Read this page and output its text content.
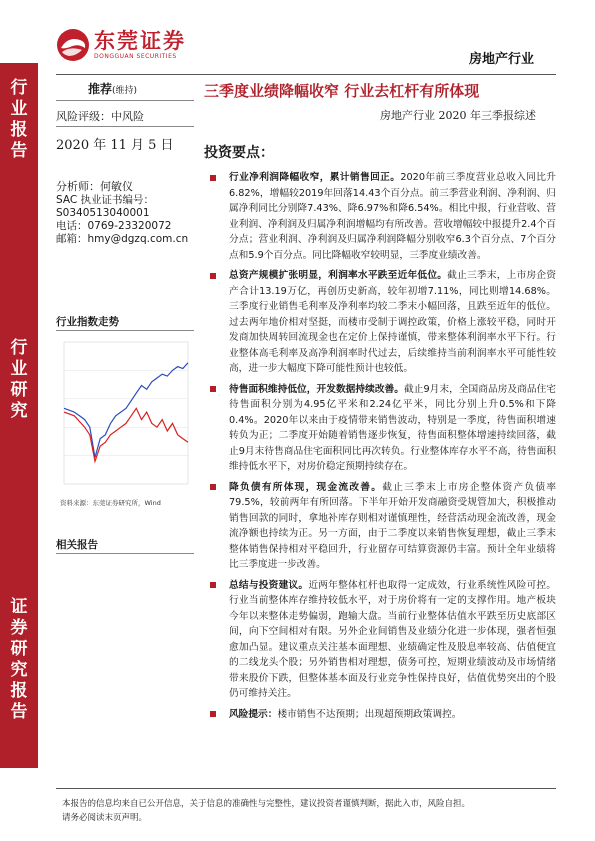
行
业
报
告
行
业
研
究
证
券
研
究
报
告
东莞证券
DONGGUAN SECURITIES	房地产行业
推荐(维持)
风险评级：中风险
2020 年 11 月 5 日
分析师：何敏仪
SAC 执业证书编号：
S0340513040001
电话：0769-23320072
邮箱：hmy@dgzq.com.cn
行业指数走势
资料来源：东莞证券研究所，Wind
相关报告
三季度业绩降幅收窄 行业去杠杆有所体现
房地产行业 2020 年三季报综述
投资要点：
行业净利润降幅收窄，累计销售回正。2020年前三季度营业总收入同比升6.82%，增幅较2019年回落14.43个百分点。前三季营业利润、净利润、归属净利同比分别降7.43%、降6.97%和降6.54%。相比中报，行业营收、营业利润、净利润及归属净利润增幅均有所改善。营收增幅较中报提升2.4个百分点；营业利润、净利润及归属净利润降幅分别收窄6.3个百分点、7个百分点和5.9个百分点。同比降幅收窄较明显，三季度业绩改善。
总资产规模扩张明显，利润率水平跌至近年低位。截止三季末，上市房企资产合计13.19万亿，再创历史新高，较年初增7.11%，同比则增14.68%。三季度行业销售毛利率及净利率均较二季末小幅回落，且跌至近年的低位。过去两年地价相对坚挺，而楼市受制于调控政策，价格上涨较平稳，同时开发商加快周转回流现金也在定价上保持谨慎，带来整体利润率水平下行。行业整体高毛利率及高净利润率时代过去，后续维持当前利润率水平可能性较高，进一步大幅度下降可能性预计也较低。
待售面积维持低位，开发数据持续改善。截止9月末，全国商品房及商品住宅待售面积分别为4.95亿平米和2.24亿平米，同比分别上升0.5%和下降0.4%。2020年以来由于疫情带来销售波动，特别是一季度，待售面积增速转负为正；二季度开始随着销售逐步恢复，待售面积整体增速持续回落，截止9月末待售商品住宅面积同比再次转负。行业整体库存水平不高，待售面积维持低水平下，对房价稳定预期持续存在。
降负债有所体现，现金流改善。截止三季末上市房企整体资产负债率79.5%，较前两年有所回落。下半年开始开发商融资受规管加大，积极推动销售回款的同时，拿地补库存则相对谨慎理性，经营活动现金流改善，现金流净额也持续为正。另一方面，由于二季度以来销售恢复理想，截止三季末整体销售保持相对平稳回升，行业留存可结算资源仍丰富。预计全年业绩将比三季度进一步改善。
总结与投资建议。近两年整体杠杆也取得一定成效，行业系统性风险可控。行业当前整体库存维持较低水平，对于房价将有一定的支撑作用。地产板块今年以来整体走势偏弱，跑输大盘。当前行业整体估值水平跌至历史底部区间，向下空间相对有限。另外企业间销售及业绩分化进一步体现，强者恒强愈加凸显。建议重点关注基本面理想、业绩确定性及股息率较高、估值便宜的二线龙头个股；另外销售相对理想，债务可控，短期业绩波动及市场情绪带来股价下跌，但整体基本面及行业竞争性保持良好，估值优势突出的个股仍可维持关注。
风险提示：楼市销售不达预期；出现超预期政策调控。
本报告的信息均来自已公开信息，关于信息的准确性与完整性，建议投资者谨慎判断，据此入市，风险自担。
请务必阅读末页声明。
